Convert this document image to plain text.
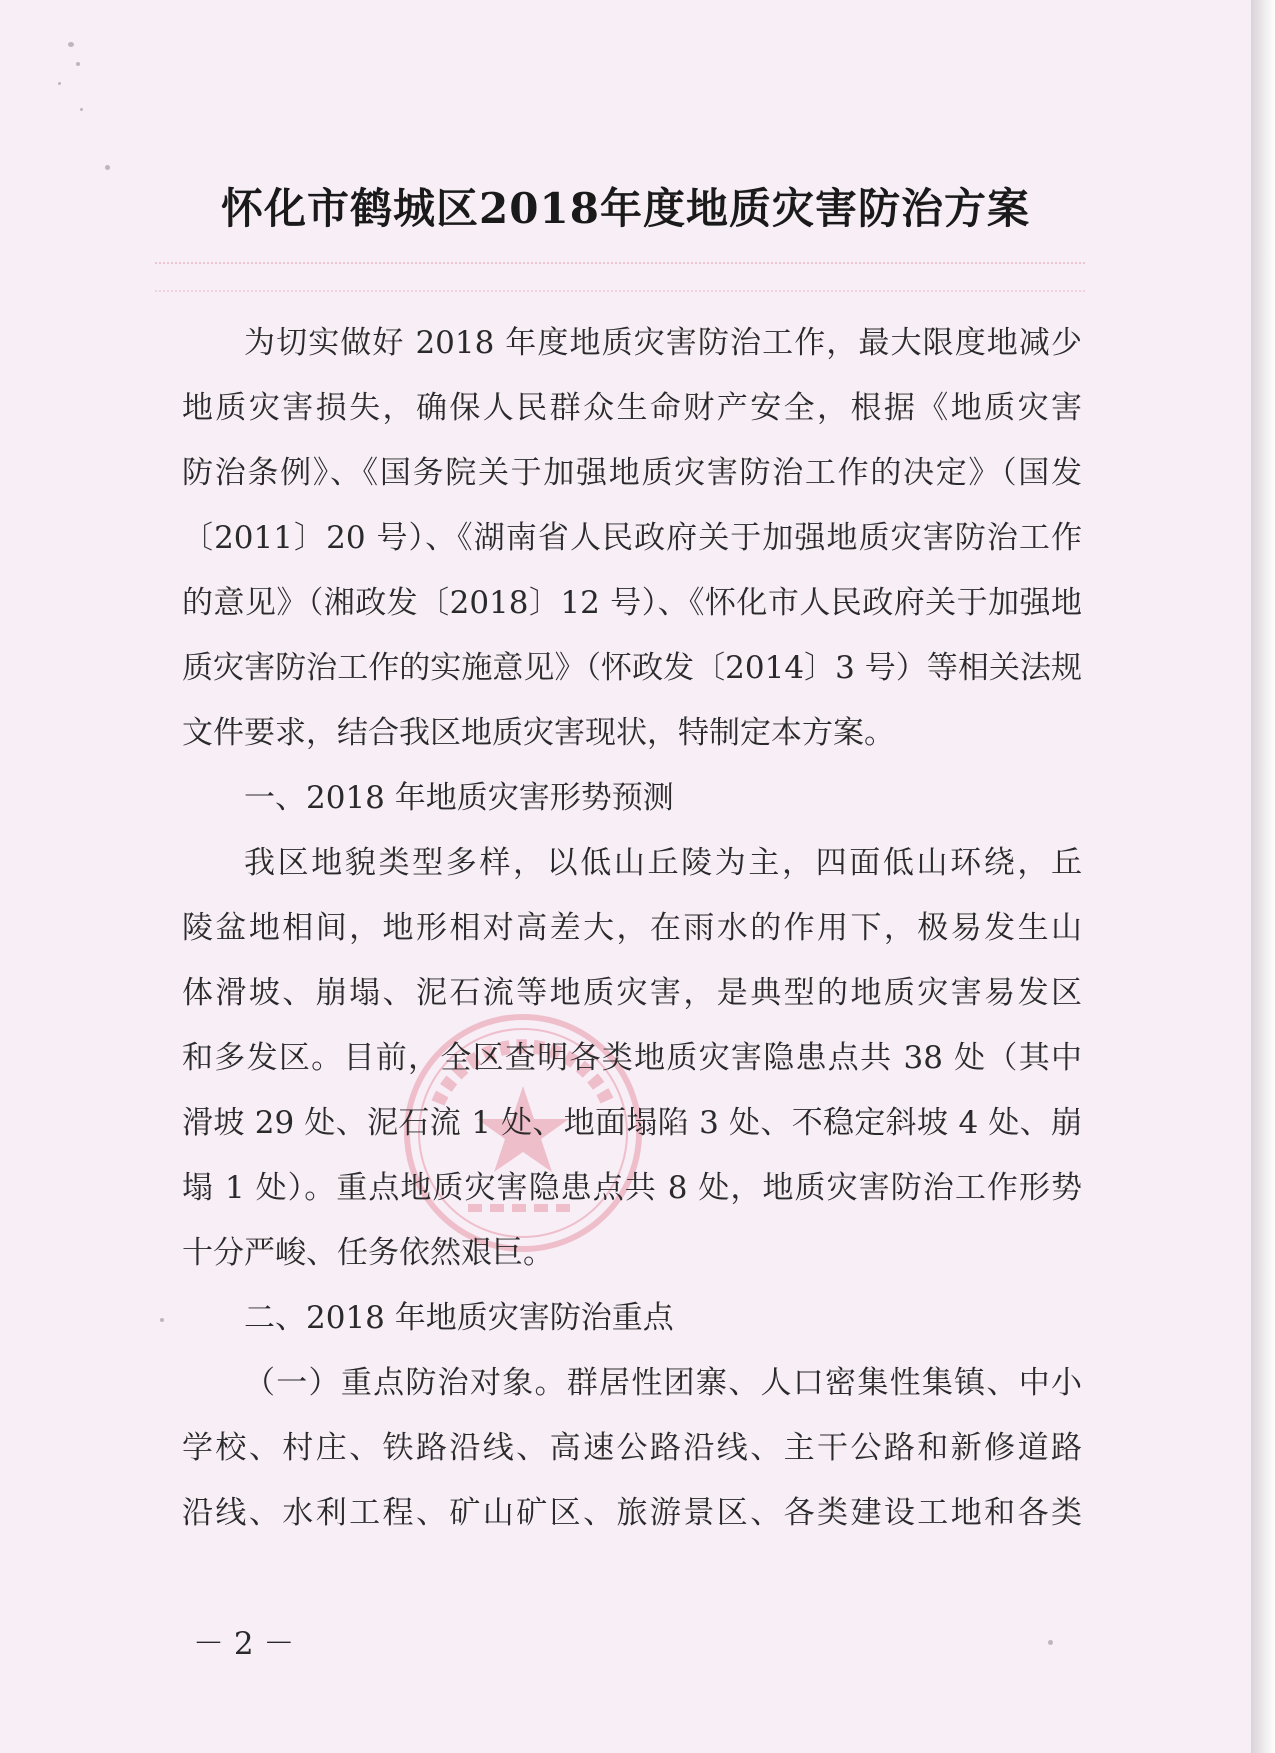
怀化市鹤城区2018年度地质灾害防治方案
为切实做好 2018 年度地质灾害防治工作，最大限度地减少
地质灾害损失，确保人民群众生命财产安全，根据《地质灾害
防治条例》、《国务院关于加强地质灾害防治工作的决定》（国发
〔2011〕20 号）、《湖南省人民政府关于加强地质灾害防治工作
的意见》（湘政发〔2018〕12 号）、《怀化市人民政府关于加强地
质灾害防治工作的实施意见》（怀政发〔2014〕3 号）等相关法规
文件要求，结合我区地质灾害现状，特制定本方案。
一、2018 年地质灾害形势预测
我区地貌类型多样，以低山丘陵为主，四面低山环绕，丘
陵盆地相间，地形相对高差大，在雨水的作用下，极易发生山
体滑坡、崩塌、泥石流等地质灾害，是典型的地质灾害易发区
和多发区。目前，全区查明各类地质灾害隐患点共 38 处（其中
滑坡 29 处、泥石流 1 处、地面塌陷 3 处、不稳定斜坡 4 处、崩
塌 1 处）。重点地质灾害隐患点共 8 处，地质灾害防治工作形势
十分严峻、任务依然艰巨。
二、2018 年地质灾害防治重点
（一）重点防治对象。群居性团寨、人口密集性集镇、中小
学校、村庄、铁路沿线、高速公路沿线、主干公路和新修道路
沿线、水利工程、矿山矿区、旅游景区、各类建设工地和各类
－ 2 －
